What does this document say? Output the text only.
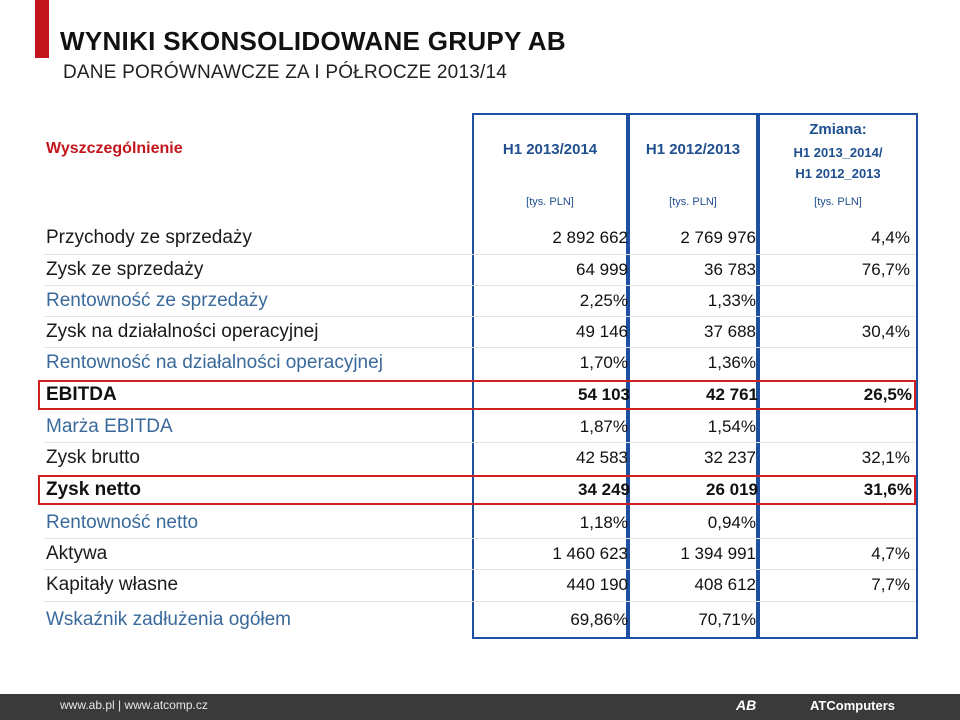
WYNIKI SKONSOLIDOWANE GRUPY AB
DANE PORÓWNAWCZE ZA I PÓŁROCZE 2013/14
Wyszczególnienie	H1 2013/2014	H1 2012/2013
Zmiana:
H1 2013_2014/
H1 2012_2013
[tys. PLN]	[tys. PLN]	[tys. PLN]
Przychody ze sprzedaży	2 892 662	2 769 976	4,4%
Zysk ze sprzedaży	64 999	36 783	76,7%
Rentowność ze sprzedaży	2,25%	1,33%
Zysk na działalności operacyjnej	49 146	37 688	30,4%
Rentowność na działalności operacyjnej	1,70%	1,36%
EBITDA	54 103	42 761	26,5%
Marża EBITDA	1,87%	1,54%
Zysk brutto	42 583	32 237	32,1%
Zysk netto	34 249	26 019	31,6%
Rentowność netto	1,18%	0,94%
Aktywa	1 460 623	1 394 991	4,7%
Kapitały własne	440 190	408 612	7,7%
Wskaźnik zadłużenia ogółem	69,86%	70,71%
www.ab.pl | www.atcomp.cz	AB	ATComputers
